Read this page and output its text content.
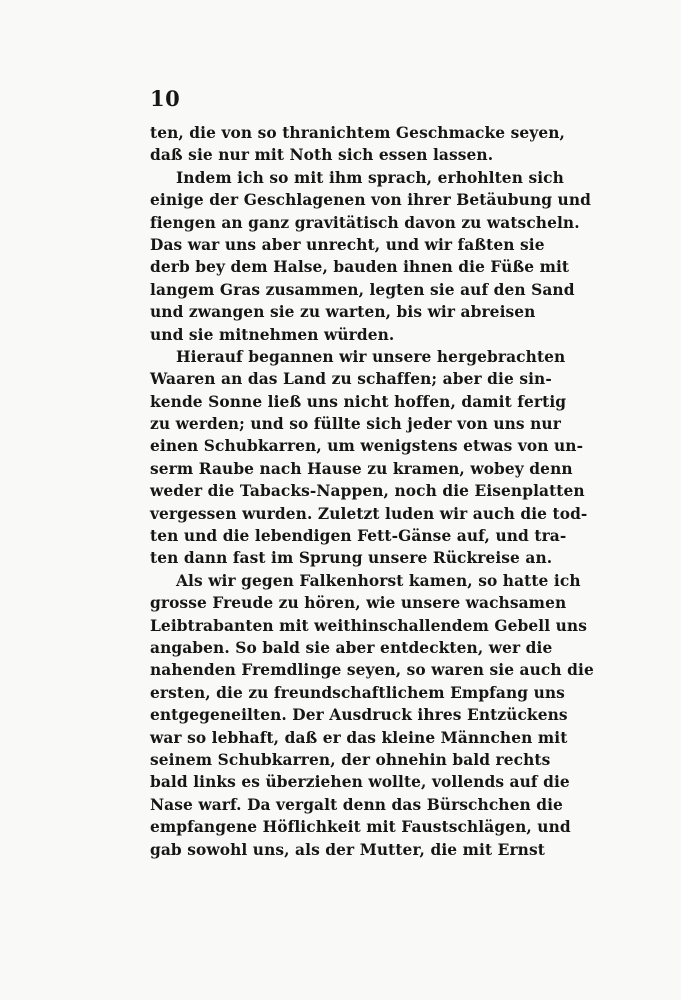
10
ten, die von so thranichtem Geschmacke seyen,
daß sie nur mit Noth sich essen lassen.
Indem ich so mit ihm sprach, erhohlten sich
einige der Geschlagenen von ihrer Betäubung und
fiengen an ganz gravitätisch davon zu watscheln.
Das war uns aber unrecht, und wir faßten sie
derb bey dem Halse, bauden ihnen die Füße mit
langem Gras zusammen, legten sie auf den Sand
und zwangen sie zu warten, bis wir abreisen
und sie mitnehmen würden.
Hierauf begannen wir unsere hergebrachten
Waaren an das Land zu schaffen; aber die sin-
kende Sonne ließ uns nicht hoffen, damit fertig
zu werden; und so füllte sich jeder von uns nur
einen Schubkarren, um wenigstens etwas von un-
serm Raube nach Hause zu kramen, wobey denn
weder die Tabacks-Nappen, noch die Eisenplatten
vergessen wurden. Zuletzt luden wir auch die tod-
ten und die lebendigen Fett-Gänse auf, und tra-
ten dann fast im Sprung unsere Rückreise an.
Als wir gegen Falkenhorst kamen, so hatte ich
grosse Freude zu hören, wie unsere wachsamen
Leibtrabanten mit weithinschallendem Gebell uns
angaben. So bald sie aber entdeckten, wer die
nahenden Fremdlinge seyen, so waren sie auch die
ersten, die zu freundschaftlichem Empfang uns
entgegeneilten. Der Ausdruck ihres Entzückens
war so lebhaft, daß er das kleine Männchen mit
seinem Schubkarren, der ohnehin bald rechts
bald links es überziehen wollte, vollends auf die
Nase warf. Da vergalt denn das Bürschchen die
empfangene Höflichkeit mit Faustschlägen, und
gab sowohl uns, als der Mutter, die mit Ernst
